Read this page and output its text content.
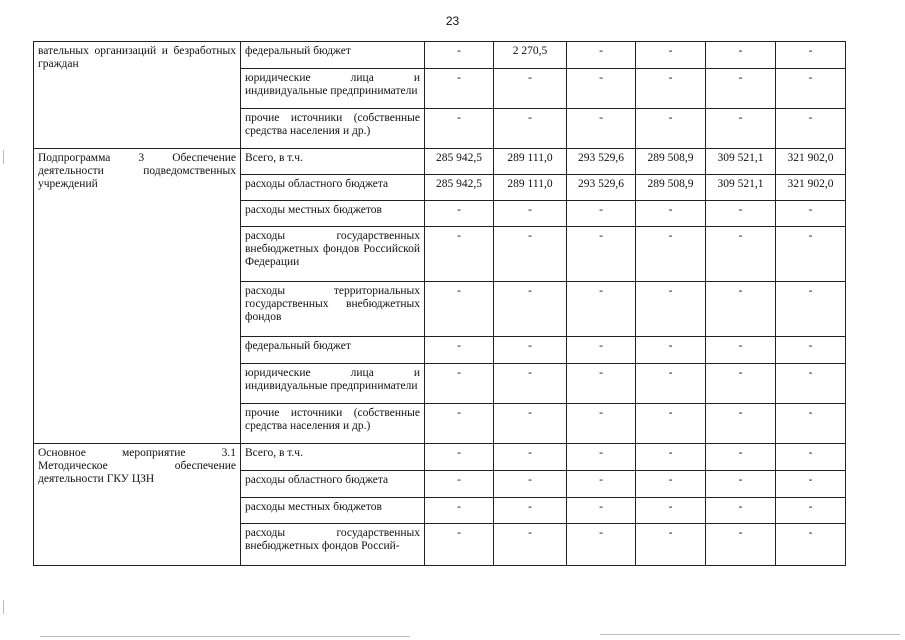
23
вательных организаций и безработных граждан	федеральный бюджет	-	2 270,5	-	-	-	-
	юридические лица и индивидуальные предприниматели	-	-	-	-	-	-
	прочие источники (собственные средства населения и др.)	-	-	-	-	-	-
Подпрограмма 3 Обеспечение деятельности подведомственных учреждений	Всего, в т.ч.	285 942,5	289 111,0	293 529,6	289 508,9	309 521,1	321 902,0
	расходы областного бюджета	285 942,5	289 111,0	293 529,6	289 508,9	309 521,1	321 902,0
	расходы местных бюджетов	-	-	-	-	-	-
	расходы государственных внебюджетных фондов Российской Федерации	-	-	-	-	-	-
	расходы территориальных государственных внебюджетных фондов	-	-	-	-	-	-
	федеральный бюджет	-	-	-	-	-	-
	юридические лица и индивидуальные предприниматели	-	-	-	-	-	-
	прочие источники (собственные средства населения и др.)	-	-	-	-	-	-
Основное мероприятие 3.1 Методическое обеспечение деятельности ГКУ ЦЗН	Всего, в т.ч.	-	-	-	-	-	-
	расходы областного бюджета	-	-	-	-	-	-
	расходы местных бюджетов	-	-	-	-	-	-
	расходы государственных внебюджетных фондов Россий-	-	-	-	-	-	-
